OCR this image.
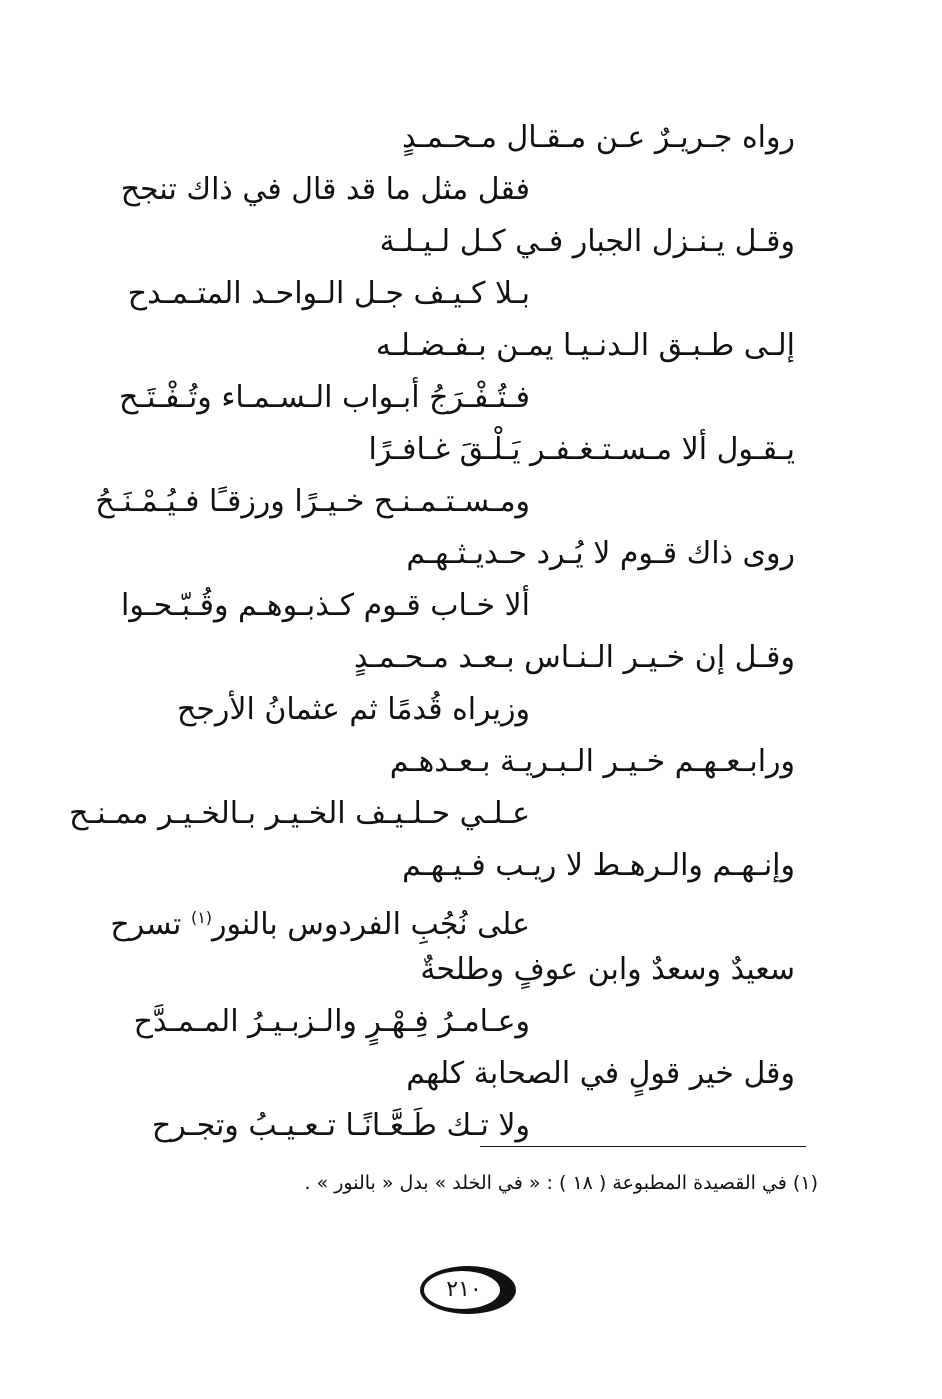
رواه جـريـرٌ عـن مـقـال مـحـمـدٍ
فقل مثل ما قد قال في ذاك تنجح
وقـل يـنـزل الجبار فـي كـل لـيـلـة
بـلا كـيـف جـل الـواحـد المتـمـدح
إلـى طـبـق الـدنـيـا يمـن بـفـضـلـه
فـتُـفْـرَجُ أبـواب الـسـمـاء وتُـفْـتَـح
يـقـول ألا مـسـتـغـفـر يَـلْـقَ غـافـرًا
ومـسـتـمـنـح خـيـرًا ورزقـًا فـيُـمْـنَـحُ
روى ذاك قـوم لا يُـرد حـديـثـهـم
ألا خـاب قـوم كـذبـوهـم وقُـبّـحـوا
وقـل إن خـيـر الـنـاس بـعـد مـحـمـدٍ
وزيراه قُدمًا ثم عثمانُ الأرجح
ورابـعـهـم خـيـر الـبـريـة بـعـدهـم
عـلـي حـلـيـف الخـيـر بـالخـيـر ممـنـح
وإنـهـم والـرهـط لا ريـب فـيـهـم
على نُجُبِ الفردوس بالنور$^{(١)}$ تسرح
سعيدٌ وسعدٌ وابن عوفٍ وطلحةٌ
وعـامـرُ فِـهْـرٍ والـزبـيـرُ المـمـدَّح
وقل خير قولٍ في الصحابة كلهم
ولا تـك طَـعَّـانًـا تـعـيـبُ وتجـرح
(١) في القصيدة المطبوعة ( ١٨ ) : « في الخلد » بدل « بالنور » .
٢١٠
